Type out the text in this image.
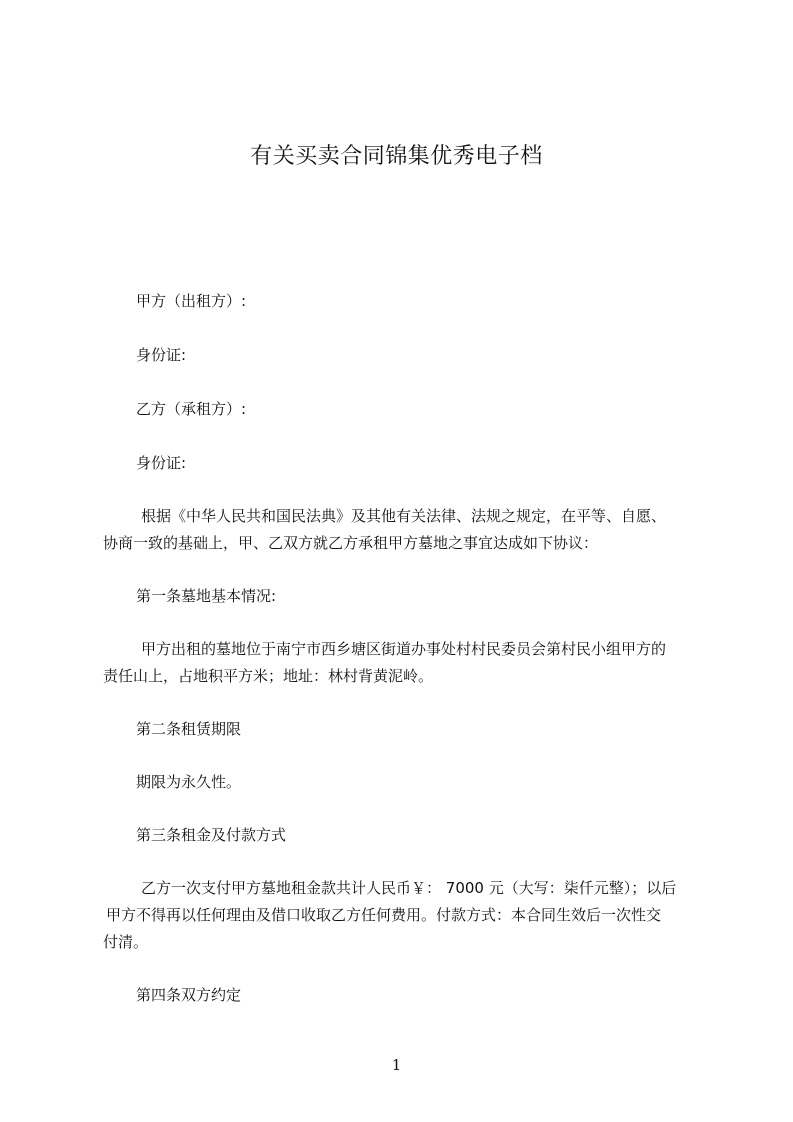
有关买卖合同锦集优秀电子档
甲方（出租方）:
身份证:
乙方（承租方）:
身份证:
根据《中华人民共和国民法典》及其他有关法律、法规之规定，在平等、自愿、
协商一致的基础上，甲、乙双方就乙方承租甲方墓地之事宜达成如下协议：
第一条墓地基本情况:
甲方出租的墓地位于南宁市西乡塘区街道办事处村村民委员会第村民小组甲方的
责任山上，占地积平方米；地址：林村背黄泥岭。
第二条租赁期限
期限为永久性。
第三条租金及付款方式
乙方一次支付甲方墓地租金款共计人民币￥： 7000 元（大写：柒仟元整）；以后
甲方不得再以任何理由及借口收取乙方任何费用。付款方式：本合同生效后一次性交
付清。
第四条双方约定
1
